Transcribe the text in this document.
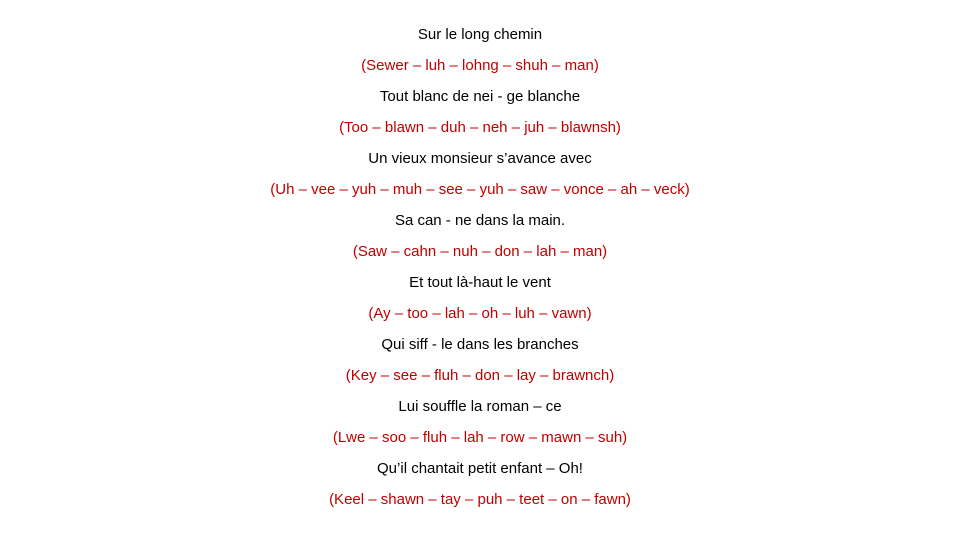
Sur le long chemin
(Sewer – luh – lohng – shuh – man)
Tout blanc de nei - ge blanche
(Too – blawn – duh – neh – juh – blawnsh)
Un vieux monsieur s’avance avec
(Uh – vee – yuh – muh – see – yuh – saw – vonce – ah – veck)
Sa can - ne dans la main.
(Saw – cahn – nuh – don – lah – man)
Et tout là-haut le vent
(Ay – too – lah – oh – luh – vawn)
Qui siff - le dans les branches
(Key – see – fluh – don – lay – brawnch)
Lui souffle la roman – ce
(Lwe – soo – fluh – lah – row – mawn – suh)
Qu’il chantait petit enfant – Oh!
(Keel – shawn – tay – puh – teet – on – fawn)
